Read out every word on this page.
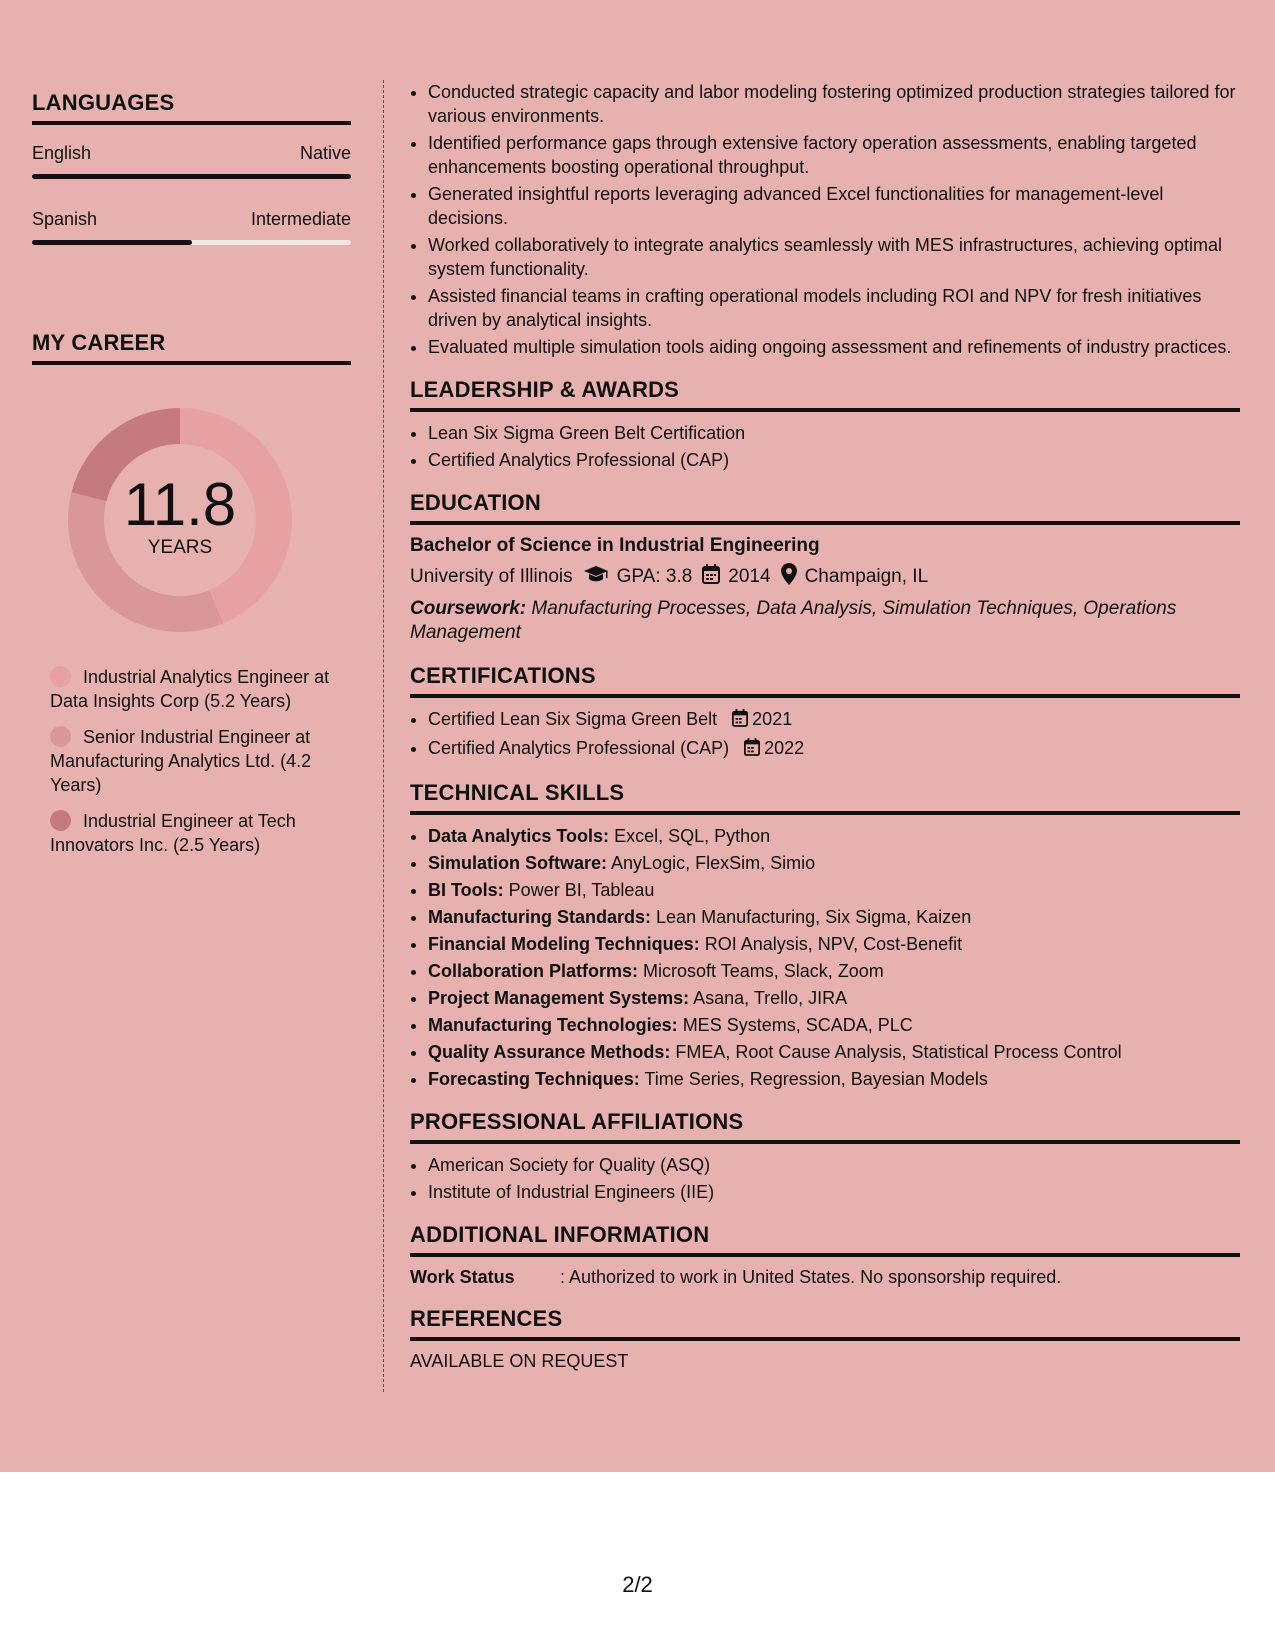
LANGUAGES
English	Native
Spanish	Intermediate
MY CAREER
11.8
YEARS
Industrial Analytics Engineer at Data Insights Corp (5.2 Years)
Senior Industrial Engineer at Manufacturing Analytics Ltd. (4.2 Years)
Industrial Engineer at Tech Innovators Inc. (2.5 Years)
• Conducted strategic capacity and labor modeling fostering optimized production strategies tailored for various environments.
• Identified performance gaps through extensive factory operation assessments, enabling targeted enhancements boosting operational throughput.
• Generated insightful reports leveraging advanced Excel functionalities for management-level decisions.
• Worked collaboratively to integrate analytics seamlessly with MES infrastructures, achieving optimal system functionality.
• Assisted financial teams in crafting operational models including ROI and NPV for fresh initiatives driven by analytical insights.
• Evaluated multiple simulation tools aiding ongoing assessment and refinements of industry practices.
LEADERSHIP & AWARDS
• Lean Six Sigma Green Belt Certification
• Certified Analytics Professional (CAP)
EDUCATION
Bachelor of Science in Industrial Engineering
University of Illinois GPA: 3.8 2014 Champaign, IL
Coursework: Manufacturing Processes, Data Analysis, Simulation Techniques, Operations Management
CERTIFICATIONS
• Certified Lean Six Sigma Green Belt 2021
• Certified Analytics Professional (CAP) 2022
TECHNICAL SKILLS
• Data Analytics Tools: Excel, SQL, Python
• Simulation Software: AnyLogic, FlexSim, Simio
• BI Tools: Power BI, Tableau
• Manufacturing Standards: Lean Manufacturing, Six Sigma, Kaizen
• Financial Modeling Techniques: ROI Analysis, NPV, Cost-Benefit
• Collaboration Platforms: Microsoft Teams, Slack, Zoom
• Project Management Systems: Asana, Trello, JIRA
• Manufacturing Technologies: MES Systems, SCADA, PLC
• Quality Assurance Methods: FMEA, Root Cause Analysis, Statistical Process Control
• Forecasting Techniques: Time Series, Regression, Bayesian Models
PROFESSIONAL AFFILIATIONS
• American Society for Quality (ASQ)
• Institute of Industrial Engineers (IIE)
ADDITIONAL INFORMATION
Work Status	: Authorized to work in United States. No sponsorship required.
REFERENCES
AVAILABLE ON REQUEST
2/2
